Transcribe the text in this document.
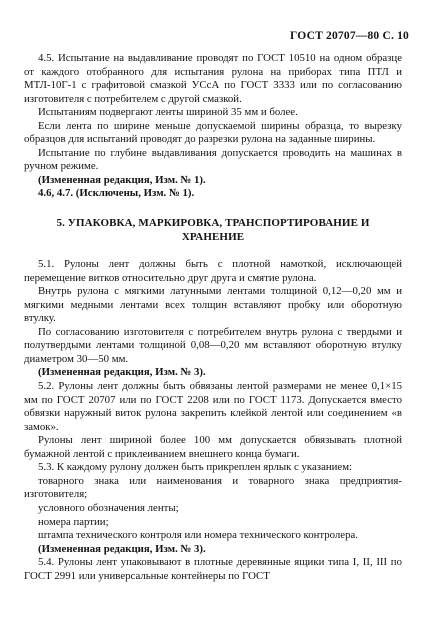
ГОСТ 20707—80 С. 10

4.5. Испытание на выдавливание проводят по ГОСТ 10510 на одном образце от каждого отобранного для испытания рулона на приборах типа ПТЛ и МТЛ-10Г-1 с графитовой смазкой УСсА по ГОСТ 3333 или по согласованию изготовителя с потребителем с другой смазкой.

Испытаниям подвергают ленты шириной 35 мм и более.

Если лента по ширине меньше допускаемой ширины образца, то вырезку образцов для испытаний проводят до разрезки рулона на заданные ширины.

Испытание по глубине выдавливания допускается проводить на машинах в ручном режиме.

(Измененная редакция, Изм. № 1).

4.6, 4.7. (Исключены, Изм. № 1).

5. УПАКОВКА, МАРКИРОВКА, ТРАНСПОРТИРОВАНИЕ И ХРАНЕНИЕ

5.1. Рулоны лент должны быть с плотной намоткой, исключающей перемещение витков относительно друг друга и смятие рулона.

Внутрь рулона с мягкими латунными лентами толщиной 0,12—0,20 мм и мягкими медными лентами всех толщин вставляют пробку или оборотную втулку.

По согласованию изготовителя с потребителем внутрь рулона с твердыми и полутвердыми лентами толщиной 0,08—0,20 мм вставляют оборотную втулку диаметром 30—50 мм.

(Измененная редакция, Изм. № 3).

5.2. Рулоны лент должны быть обвязаны лентой размерами не менее 0,1×15 мм по ГОСТ 20707 или по ГОСТ 2208 или по ГОСТ 1173. Допускается вместо обвязки наружный виток рулона закрепить клейкой лентой или соединением «в замок».

Рулоны лент шириной более 100 мм допускается обвязывать плотной бумажной лентой с приклеиванием внешнего конца бумаги.

5.3. К каждому рулону должен быть прикреплен ярлык с указанием:

товарного знака или наименования и товарного знака предприятия-изготовителя;

условного обозначения ленты;

номера партии;

штампа технического контроля или номера технического контролера.

(Измененная редакция, Изм. № 3).

5.4. Рулоны лент упаковывают в плотные деревянные ящики типа I, II, III по ГОСТ 2991 или универсальные контейнеры по ГОСТ
